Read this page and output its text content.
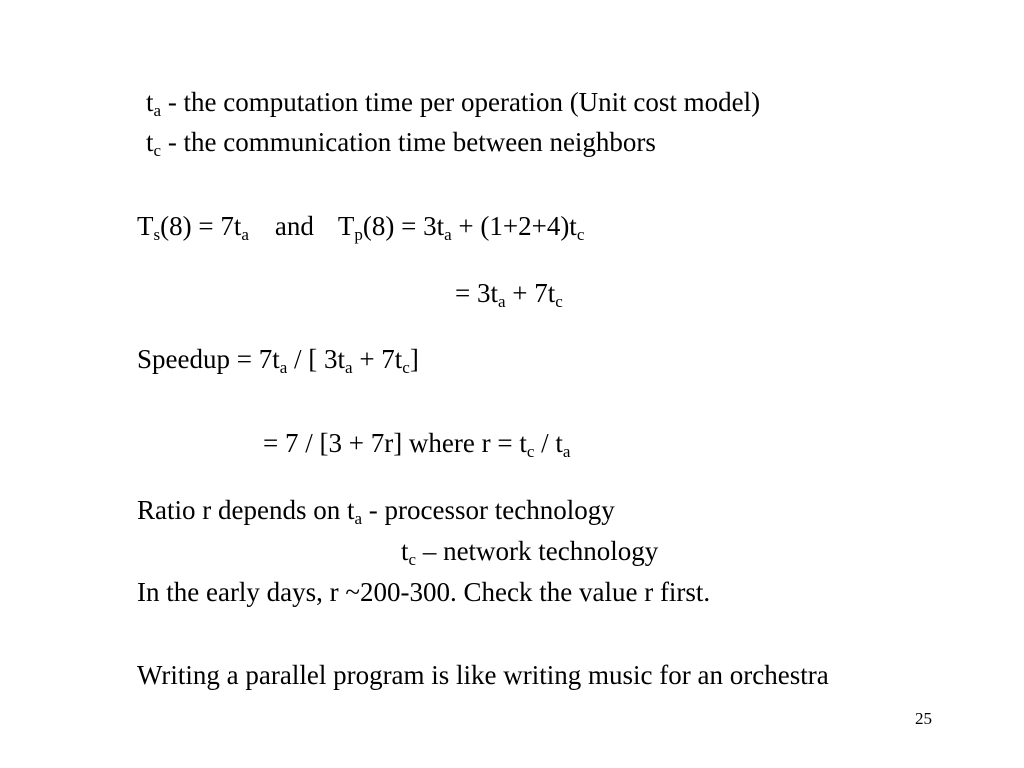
$t_a$ - the computation time per operation (Unit cost model)
$t_c$ - the communication time between neighbors
$T_s(8) = 7t_a$ and $T_p(8) = 3t_a + (1+2+4)t_c$
= $3t_a + 7t_c$
Speedup = $7t_a$ / [ $3t_a + 7t_c$]
= 7 / [3 + 7r] where $r = t_c / t_a$
Ratio r depends on $t_a$ - processor technology
$t_c$ – network technology
In the early days, r ~200-300. Check the value r first.
Writing a parallel program is like writing music for an orchestra
25
